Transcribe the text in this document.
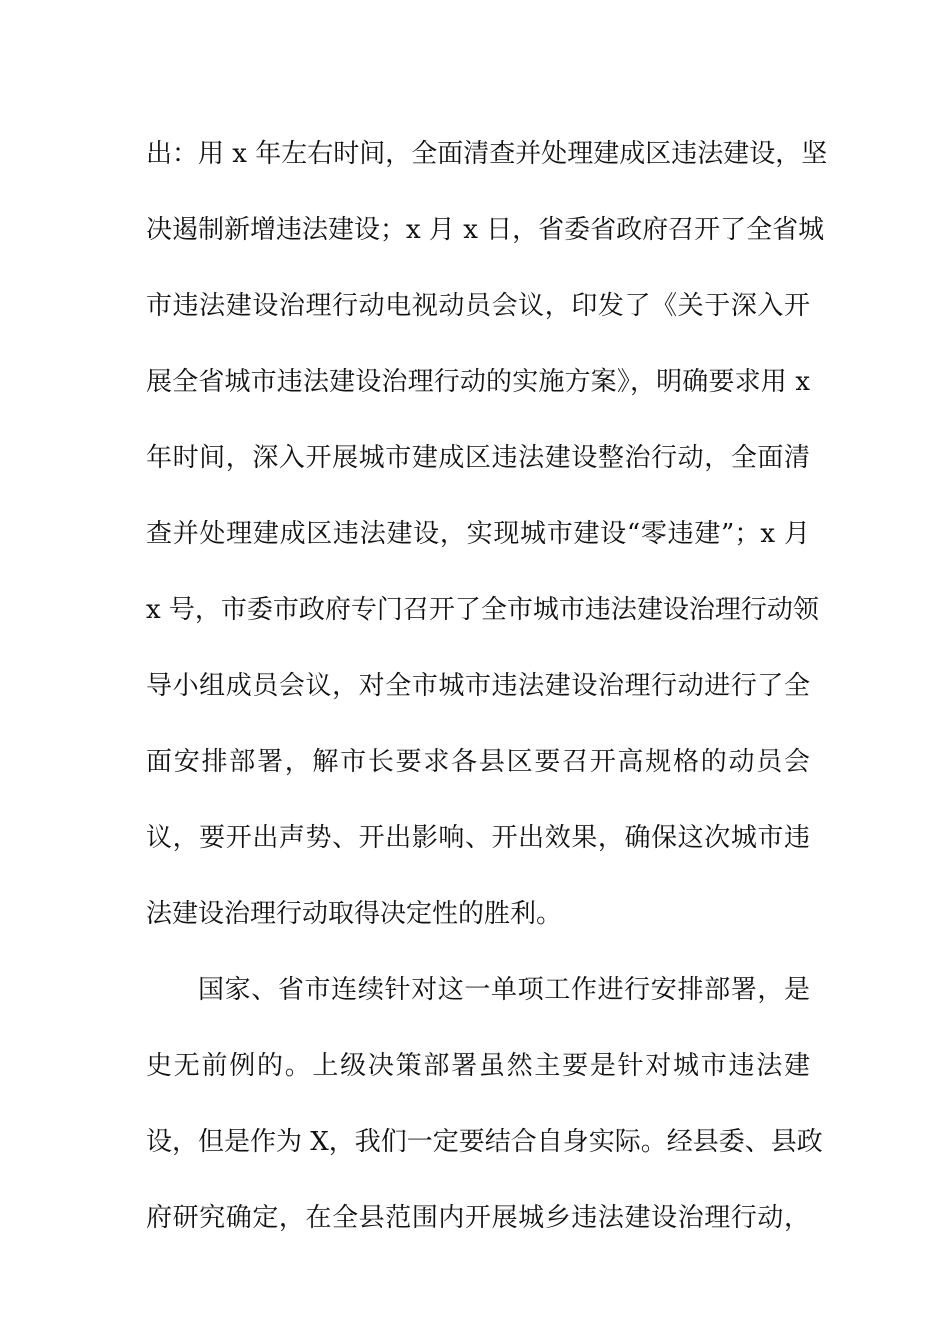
出：用 x 年左右时间，全面清查并处理建成区违法建设，坚
决遏制新增违法建设；x 月 x 日，省委省政府召开了全省城
市违法建设治理行动电视动员会议，印发了《关于深入开
展全省城市违法建设治理行动的实施方案》，明确要求用 x
年时间，深入开展城市建成区违法建设整治行动，全面清
查并处理建成区违法建设，实现城市建设“零违建”；x 月
x 号，市委市政府专门召开了全市城市违法建设治理行动领
导小组成员会议，对全市城市违法建设治理行动进行了全
面安排部署，解市长要求各县区要召开高规格的动员会
议，要开出声势、开出影响、开出效果，确保这次城市违
法建设治理行动取得决定性的胜利。
国家、省市连续针对这一单项工作进行安排部署，是
史无前例的。上级决策部署虽然主要是针对城市违法建
设，但是作为 X，我们一定要结合自身实际。经县委、县政
府研究确定，在全县范围内开展城乡违法建设治理行动，
